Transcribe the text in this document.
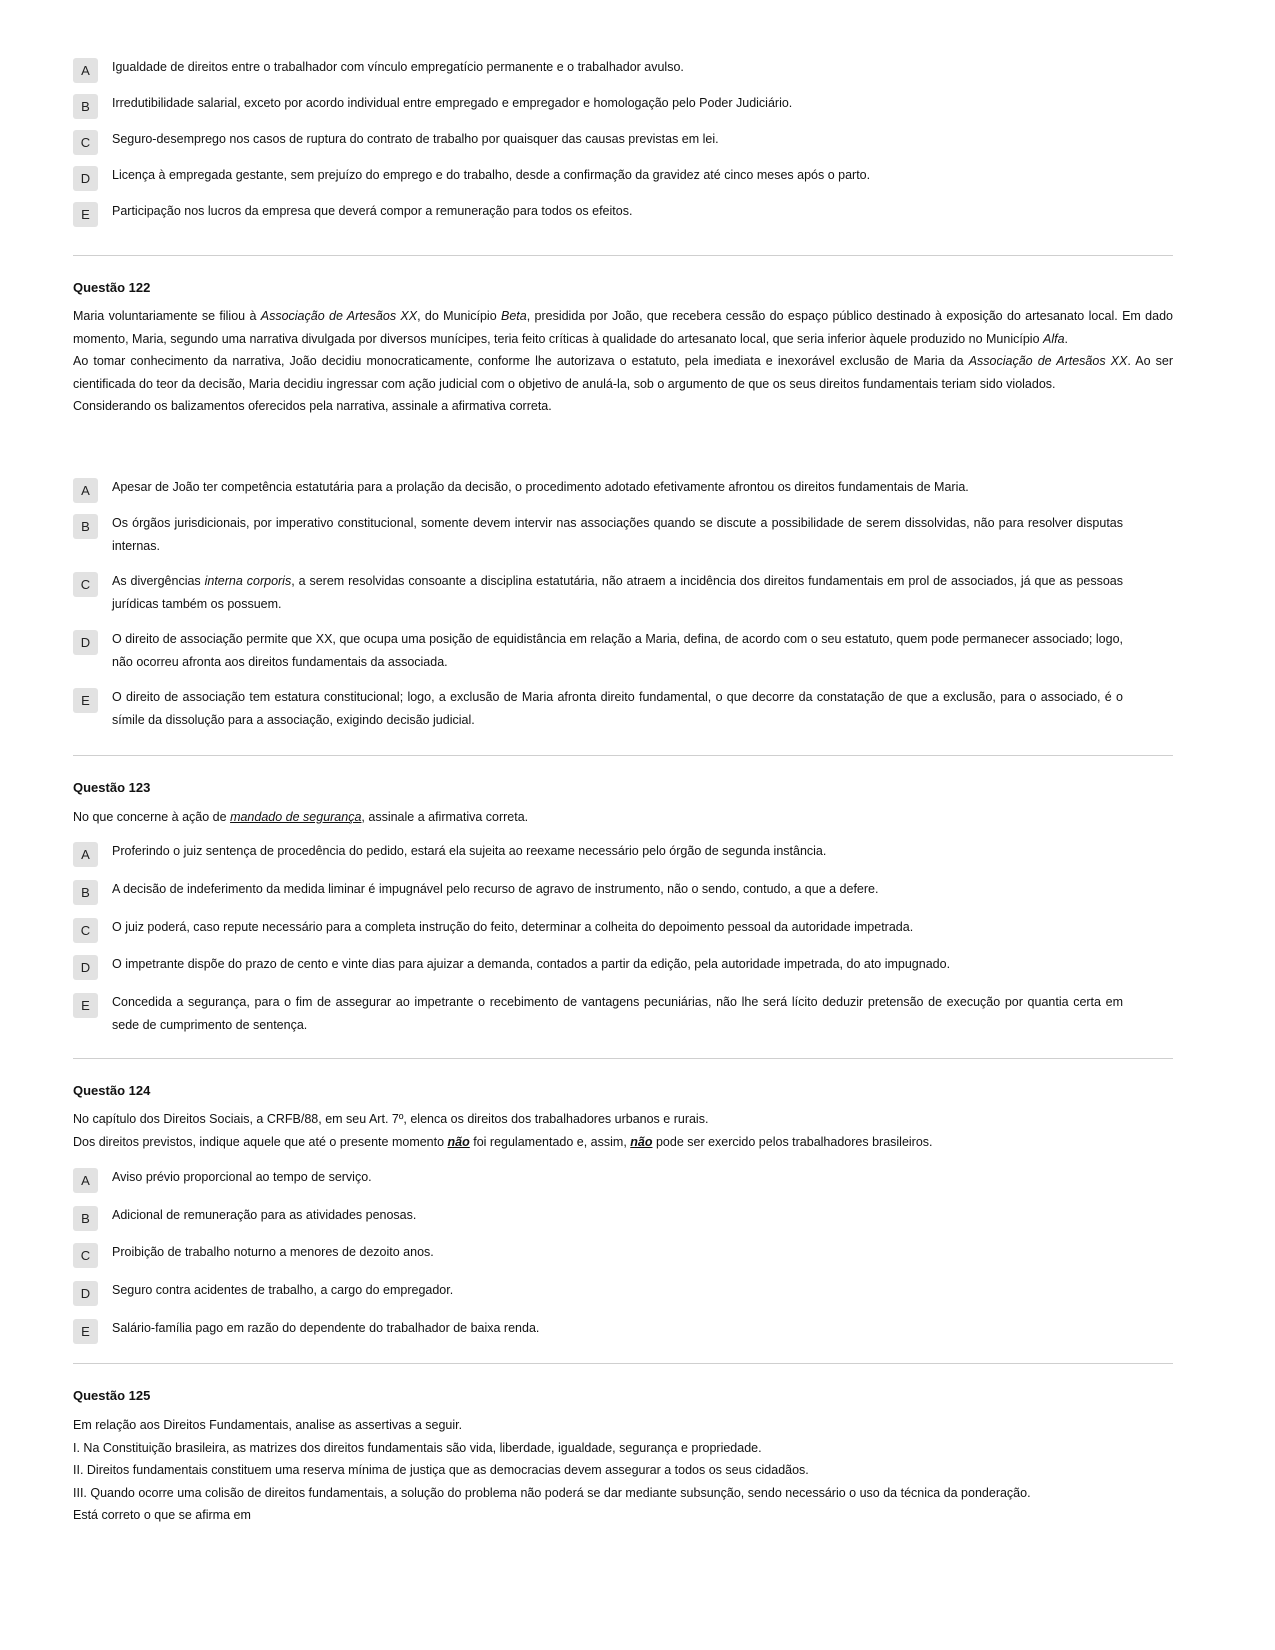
A	Igualdade de direitos entre o trabalhador com vínculo empregatício permanente e o trabalhador avulso.
B	Irredutibilidade salarial, exceto por acordo individual entre empregado e empregador e homologação pelo Poder Judiciário.
C	Seguro-desemprego nos casos de ruptura do contrato de trabalho por quaisquer das causas previstas em lei.
D	Licença à empregada gestante, sem prejuízo do emprego e do trabalho, desde a confirmação da gravidez até cinco meses após o parto.
E	Participação nos lucros da empresa que deverá compor a remuneração para todos os efeitos.
Questão 122

Maria voluntariamente se filiou à Associação de Artesãos XX, do Município Beta, presidida por João, que recebera cessão do espaço público destinado à exposição do artesanato local. Em dado momento, Maria, segundo uma narrativa divulgada por diversos munícipes, teria feito críticas à qualidade do artesanato local, que seria inferior àquele produzido no Município Alfa.

Ao tomar conhecimento da narrativa, João decidiu monocraticamente, conforme lhe autorizava o estatuto, pela imediata e inexorável exclusão de Maria da Associação de Artesãos XX. Ao ser cientificada do teor da decisão, Maria decidiu ingressar com ação judicial com o objetivo de anulá-la, sob o argumento de que os seus direitos fundamentais teriam sido violados.

Considerando os balizamentos oferecidos pela narrativa, assinale a afirmativa correta.

A	Apesar de João ter competência estatutária para a prolação da decisão, o procedimento adotado efetivamente afrontou os direitos fundamentais de Maria.
B	Os órgãos jurisdicionais, por imperativo constitucional, somente devem intervir nas associações quando se discute a possibilidade de serem dissolvidas, não para resolver disputas internas.
C	As divergências interna corporis, a serem resolvidas consoante a disciplina estatutária, não atraem a incidência dos direitos fundamentais em prol de associados, já que as pessoas jurídicas também os possuem.
D	O direito de associação permite que XX, que ocupa uma posição de equidistância em relação a Maria, defina, de acordo com o seu estatuto, quem pode permanecer associado; logo, não ocorreu afronta aos direitos fundamentais da associada.
E	O direito de associação tem estatura constitucional; logo, a exclusão de Maria afronta direito fundamental, o que decorre da constatação de que a exclusão, para o associado, é o símile da dissolução para a associação, exigindo decisão judicial.
Questão 123

No que concerne à ação de mandado de segurança, assinale a afirmativa correta.

A	Proferindo o juiz sentença de procedência do pedido, estará ela sujeita ao reexame necessário pelo órgão de segunda instância.
B	A decisão de indeferimento da medida liminar é impugnável pelo recurso de agravo de instrumento, não o sendo, contudo, a que a defere.
C	O juiz poderá, caso repute necessário para a completa instrução do feito, determinar a colheita do depoimento pessoal da autoridade impetrada.
D	O impetrante dispõe do prazo de cento e vinte dias para ajuizar a demanda, contados a partir da edição, pela autoridade impetrada, do ato impugnado.
E	Concedida a segurança, para o fim de assegurar ao impetrante o recebimento de vantagens pecuniárias, não lhe será lícito deduzir pretensão de execução por quantia certa em sede de cumprimento de sentença.
Questão 124

No capítulo dos Direitos Sociais, a CRFB/88, em seu Art. 7º, elenca os direitos dos trabalhadores urbanos e rurais.

Dos direitos previstos, indique aquele que até o presente momento não foi regulamentado e, assim, não pode ser exercido pelos trabalhadores brasileiros.

A	Aviso prévio proporcional ao tempo de serviço.
B	Adicional de remuneração para as atividades penosas.
C	Proibição de trabalho noturno a menores de dezoito anos.
D	Seguro contra acidentes de trabalho, a cargo do empregador.
E	Salário-família pago em razão do dependente do trabalhador de baixa renda.
Questão 125

Em relação aos Direitos Fundamentais, analise as assertivas a seguir.

I. Na Constituição brasileira, as matrizes dos direitos fundamentais são vida, liberdade, igualdade, segurança e propriedade.

II. Direitos fundamentais constituem uma reserva mínima de justiça que as democracias devem assegurar a todos os seus cidadãos.

III. Quando ocorre uma colisão de direitos fundamentais, a solução do problema não poderá se dar mediante subsunção, sendo necessário o uso da técnica da ponderação.

Está correto o que se afirma em
